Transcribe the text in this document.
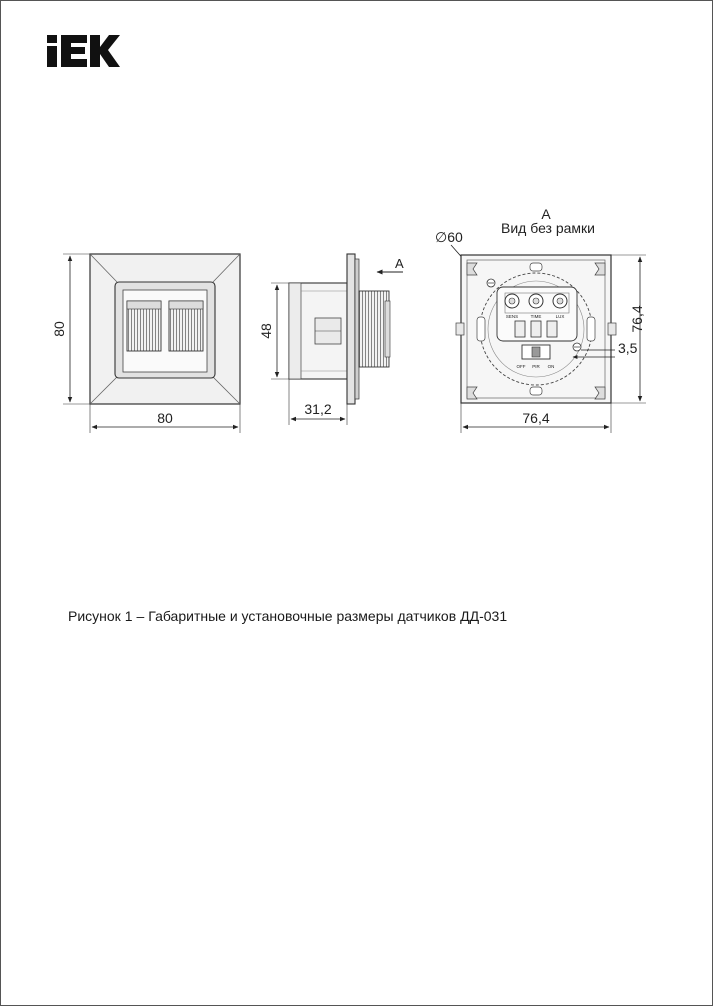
80
80
А
48
31,2
А
Вид без рамки
∅60
SENS	TIME	LUX
OFF PIR ON
3,5
76,4
76,4
Рисунок 1 – Габаритные и установочные размеры датчиков ДД-031
